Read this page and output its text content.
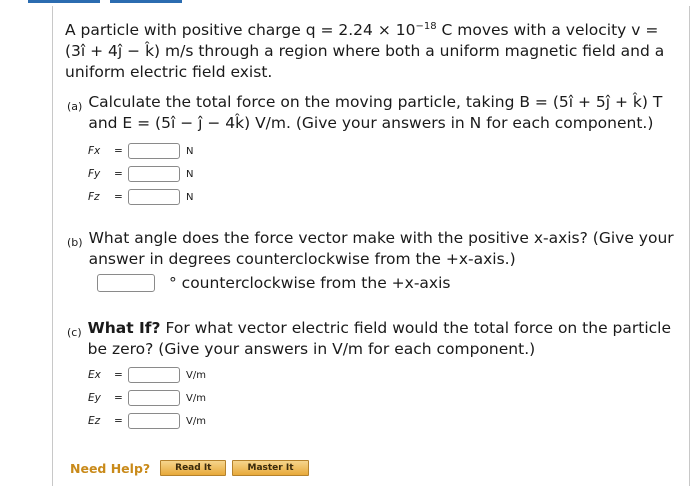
A particle with positive charge $q = 2.24 \times 10^{-18}$ C moves with a velocity v = (3î + 4ĵ − k̂) m/s through a region where both a uniform magnetic field and a uniform electric field exist.
(a) Calculate the total force on the moving particle, taking B = (5î + 5ĵ + k̂) T and E = (5î − ĵ − 4k̂) V/m. (Give your answers in N for each component.)
Fx	=	N
Fy	=	N
Fz	=	N
(b) What angle does the force vector make with the positive x-axis? (Give your answer in degrees counterclockwise from the +x-axis.)
° counterclockwise from the +x-axis
(c) What If? For what vector electric field would the total force on the particle be zero? (Give your answers in V/m for each component.)
Ex	=	V/m
Ey	=	V/m
Ez	=	V/m
Need Help?	Read It	Master It
